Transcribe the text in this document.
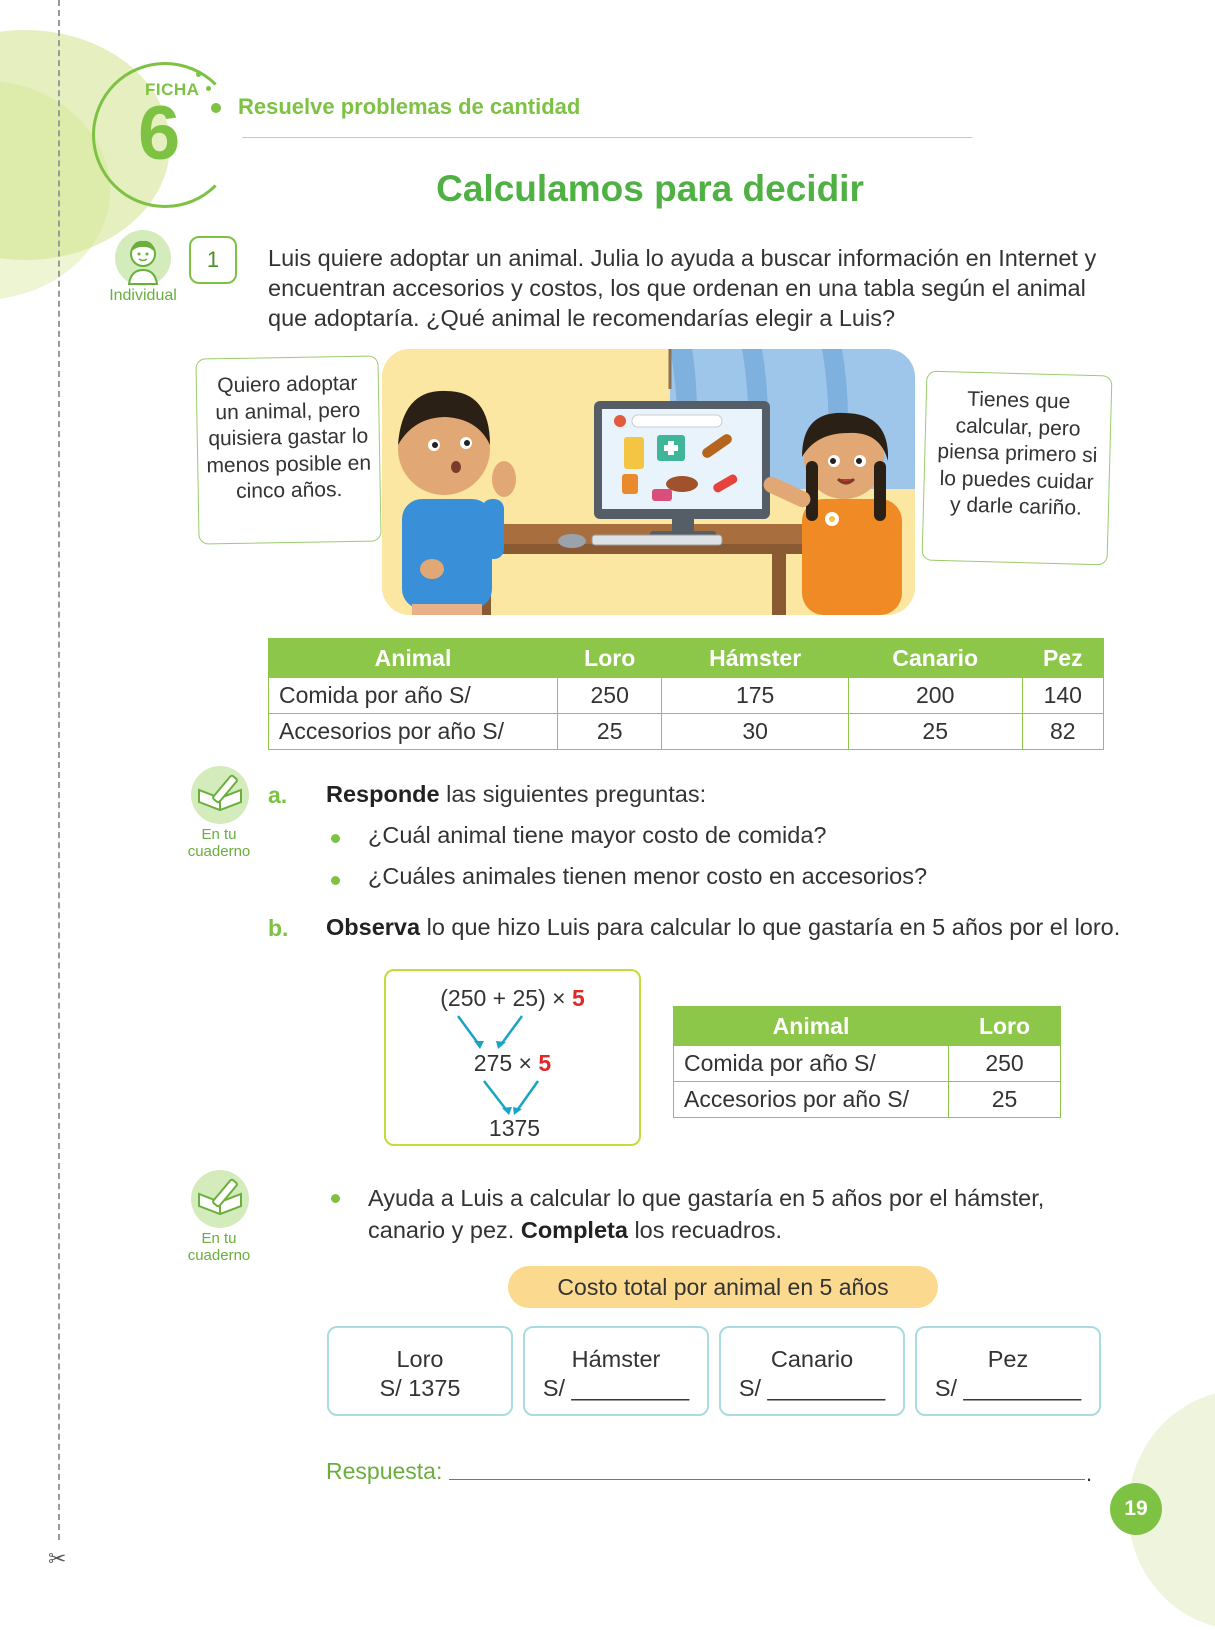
✂
FICHA
6	Resuelve problemas de cantidad
Calculamos para decidir
Individual
1	Luis quiere adoptar un animal. Julia lo ayuda a buscar información en Internet y encuentran accesorios y costos, los que ordenan en una tabla según el animal que adoptaría. ¿Qué animal le recomendarías elegir a Luis?
Quiero adoptar un animal, pero quisiera gastar lo menos posible en cinco años.
Tienes que calcular, pero piensa primero si lo puedes cuidar y darle cariño.
Animal	Loro	Hámster	Canario	Pez
Comida por año S/	250	175	200	140
Accesorios por año S/	25	30	25	82
En tu
cuaderno
a. Responde las siguientes preguntas:
¿Cuál animal tiene mayor costo de comida?
¿Cuáles animales tienen menor costo en accesorios?
b. Observa lo que hizo Luis para calcular lo que gastaría en 5 años por el loro.
(250 + 25) × 5
275 × 5
1375
Animal	Loro
Comida por año S/	250
Accesorios por año S/	25
En tu
cuaderno
Ayuda a Luis a calcular lo que gastaría en 5 años por el hámster, canario y pez. Completa los recuadros.
Costo total por animal en 5 años
Loro
S/ 1375
Hámster
S/ _________
Canario
S/ _________
Pez
S/ _________
Respuesta:	.
19
